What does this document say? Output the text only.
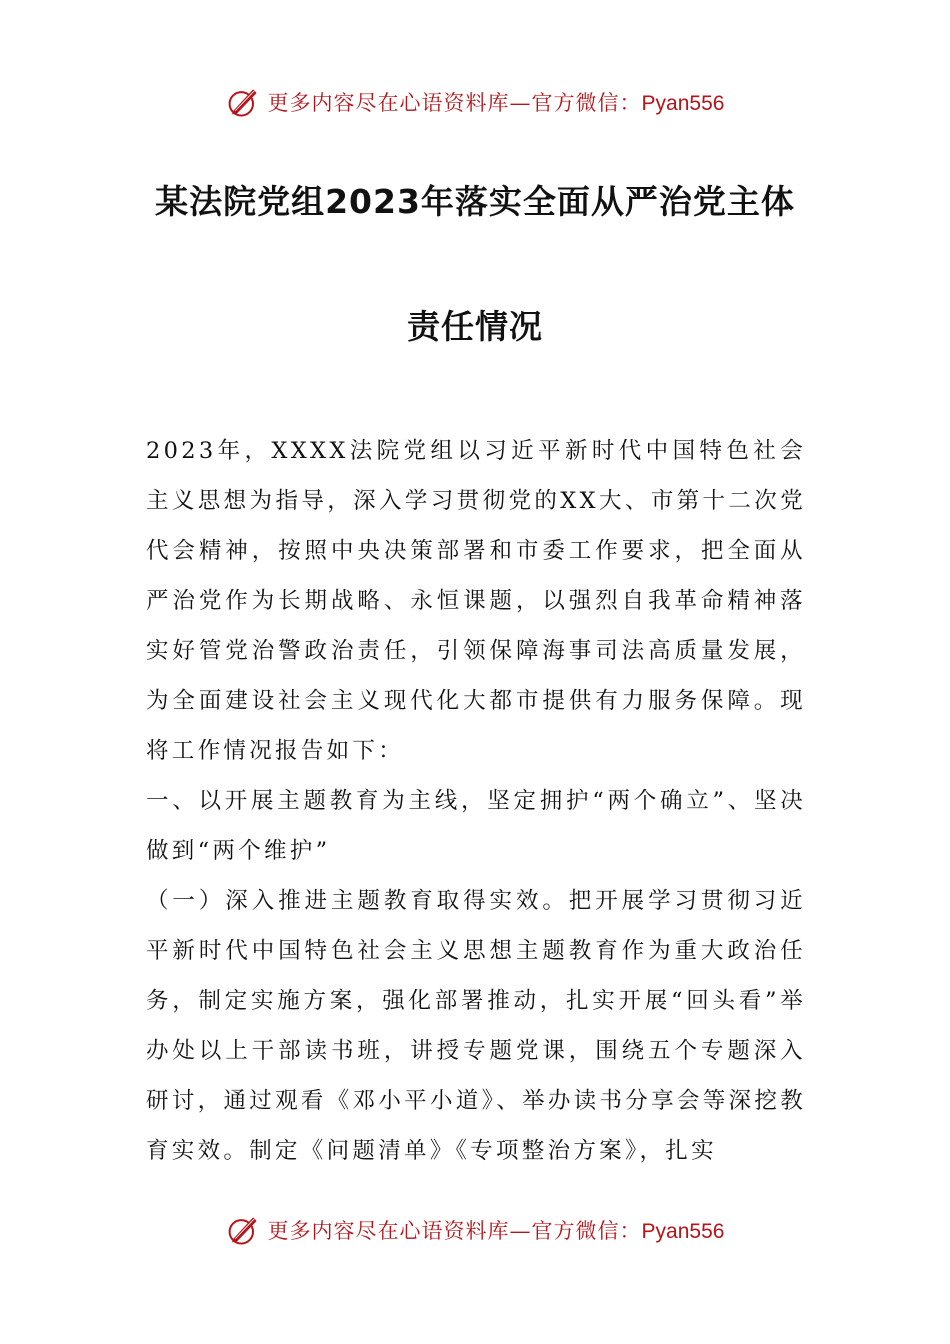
更多内容尽在心语资料库—官方微信：Pyan556
某法院党组2023年落实全面从严治党主体
责任情况

2023年，XXXX法院党组以习近平新时代中国特色社会主义思想为指导，深入学习贯彻党的XX大、市第十二次党代会精神，按照中央决策部署和市委工作要求，把全面从严治党作为长期战略、永恒课题，以强烈自我革命精神落实好管党治警政治责任，引领保障海事司法高质量发展，为全面建设社会主义现代化大都市提供有力服务保障。现将工作情况报告如下：

一、以开展主题教育为主线，坚定拥护“两个确立”、坚决做到“两个维护”

（一）深入推进主题教育取得实效。把开展学习贯彻习近平新时代中国特色社会主义思想主题教育作为重大政治任务，制定实施方案，强化部署推动，扎实开展“回头看”举办处以上干部读书班，讲授专题党课，围绕五个专题深入研讨，通过观看《邓小平小道》、举办读书分享会等深挖教育实效。制定《问题清单》《专项整治方案》，扎实

更多内容尽在心语资料库—官方微信：Pyan556
